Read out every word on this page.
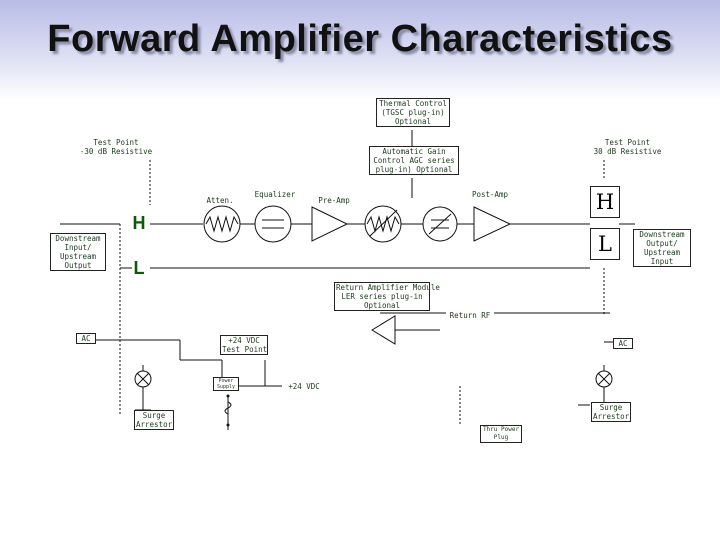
Forward Amplifier Characteristics
Thermal Control
(TGSC plug-in)
Optional
Test Point
-30 dB Resistive
Test Point
30 dB Resistive
Automatic Gain
Control AGC series
plug-in) Optional
Atten.
Equalizer
Pre-Amp
Post-Amp
Downstream
Input/
Upstream
Output
Downstream
Output/
Upstream
Input
Return Amplifier Module
LER series plug-in
Optional
Return RF
AC
AC
+24 VDC
Test Point
Power
Supply	+24 VDC
Surge
Arrestor
Surge
Arrestor
Thru Power
Plug
H
L
H
L
